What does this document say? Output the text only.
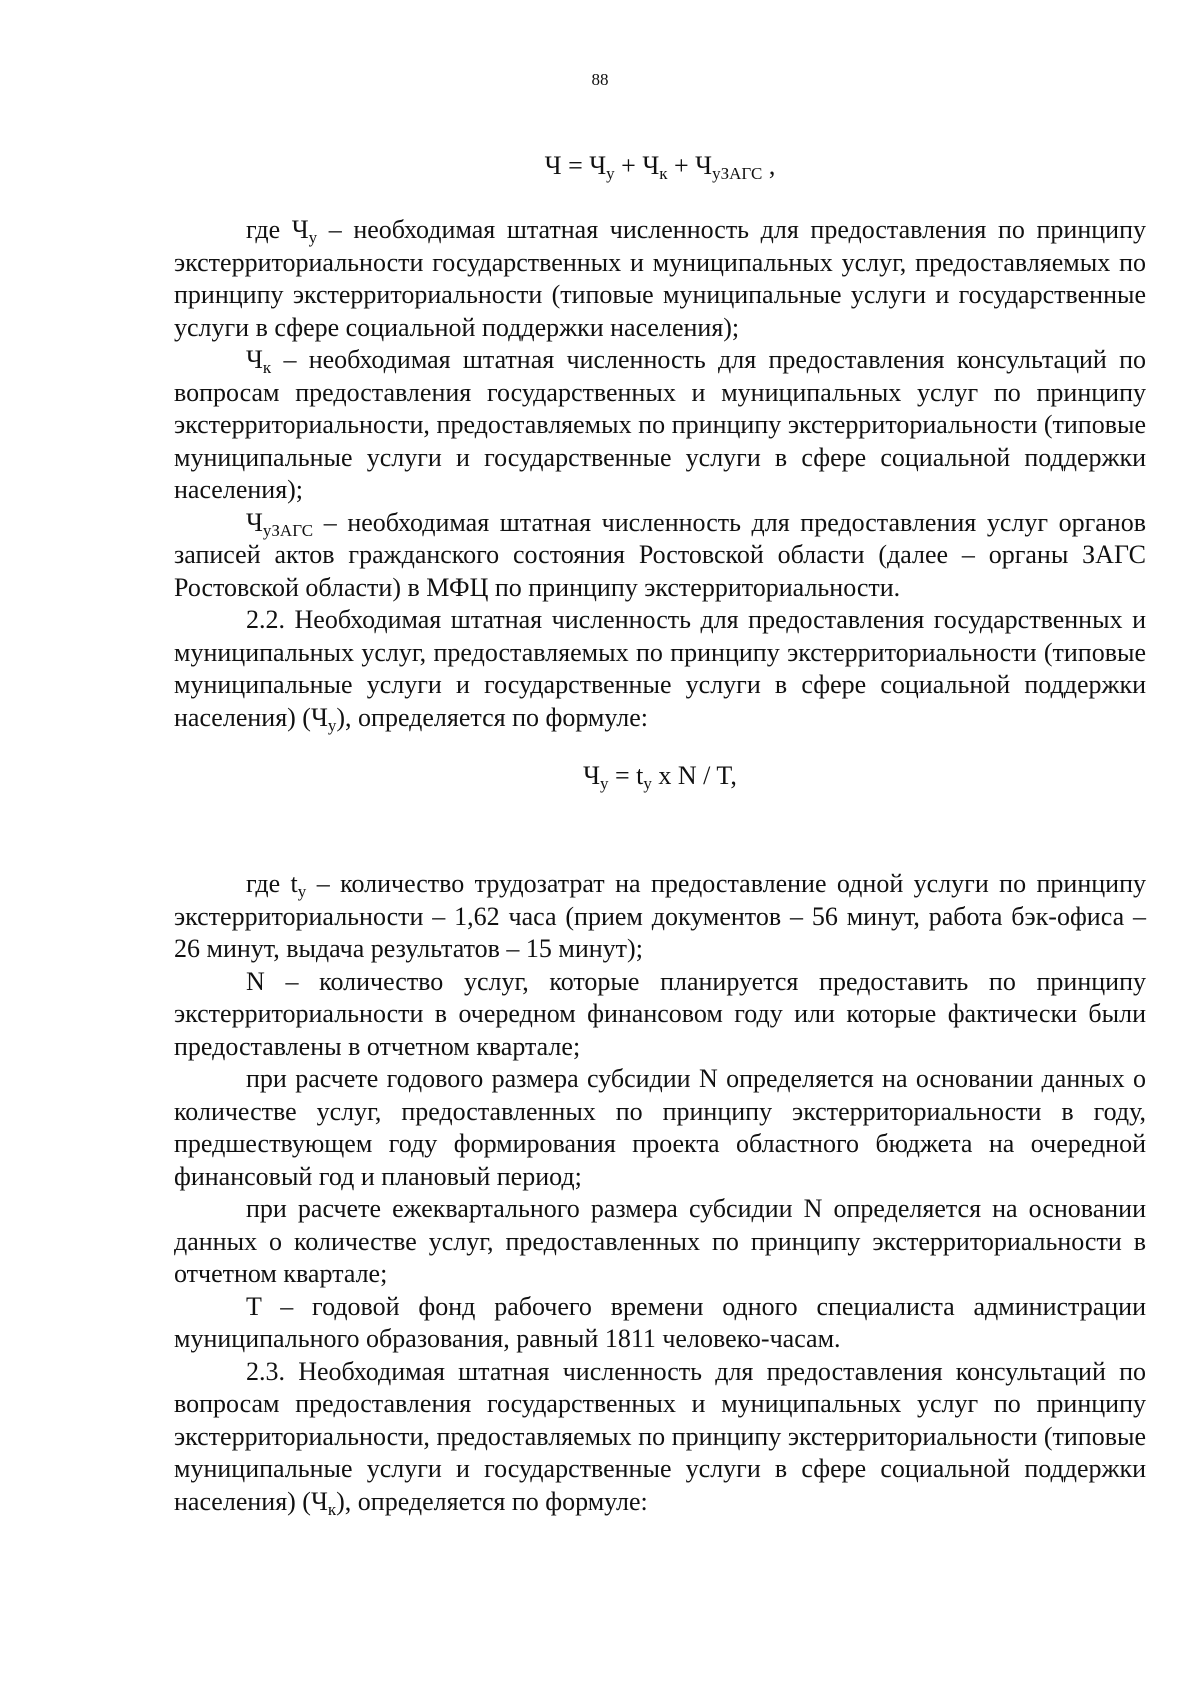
88
$Ч = Ч_у + Ч_к + Ч_{уЗАГС}$ ,

где $Ч_у$ – необходимая штатная численность для предоставления по принципу экстерриториальности государственных и муниципальных услуг, предоставляемых по принципу экстерриториальности (типовые муниципальные услуги и государственные услуги в сфере социальной поддержки населения);

$Ч_к$ – необходимая штатная численность для предоставления консультаций по вопросам предоставления государственных и муниципальных услуг по принципу экстерриториальности, предоставляемых по принципу экстерриториальности (типовые муниципальные услуги и государственные услуги в сфере социальной поддержки населения);

$Ч_{уЗАГС}$ – необходимая штатная численность для предоставления услуг органов записей актов гражданского состояния Ростовской области (далее – органы ЗАГС Ростовской области) в МФЦ по принципу экстерриториальности.

2.2. Необходимая штатная численность для предоставления государственных и муниципальных услуг, предоставляемых по принципу экстерриториальности (типовые муниципальные услуги и государственные услуги в сфере социальной поддержки населения) $(Ч_у)$, определяется по формуле:

$Ч_у = t_у$ x N / T,

где $t_у$ – количество трудозатрат на предоставление одной услуги по принципу экстерриториальности – 1,62 часа (прием документов – 56 минут, работа бэк-офиса – 26 минут, выдача результатов – 15 минут);

N – количество услуг, которые планируется предоставить по принципу экстерриториальности в очередном финансовом году или которые фактически были предоставлены в отчетном квартале;

при расчете годового размера субсидии N определяется на основании данных о количестве услуг, предоставленных по принципу экстерриториальности в году, предшествующем году формирования проекта областного бюджета на очередной финансовый год и плановый период;

при расчете ежеквартального размера субсидии N определяется на основании данных о количестве услуг, предоставленных по принципу экстерриториальности в отчетном квартале;

T – годовой фонд рабочего времени одного специалиста администрации муниципального образования, равный 1811 человеко-часам.

2.3. Необходимая штатная численность для предоставления консультаций по вопросам предоставления государственных и муниципальных услуг по принципу экстерриториальности, предоставляемых по принципу экстерриториальности (типовые муниципальные услуги и государственные услуги в сфере социальной поддержки населения) $(Ч_к)$, определяется по формуле:
